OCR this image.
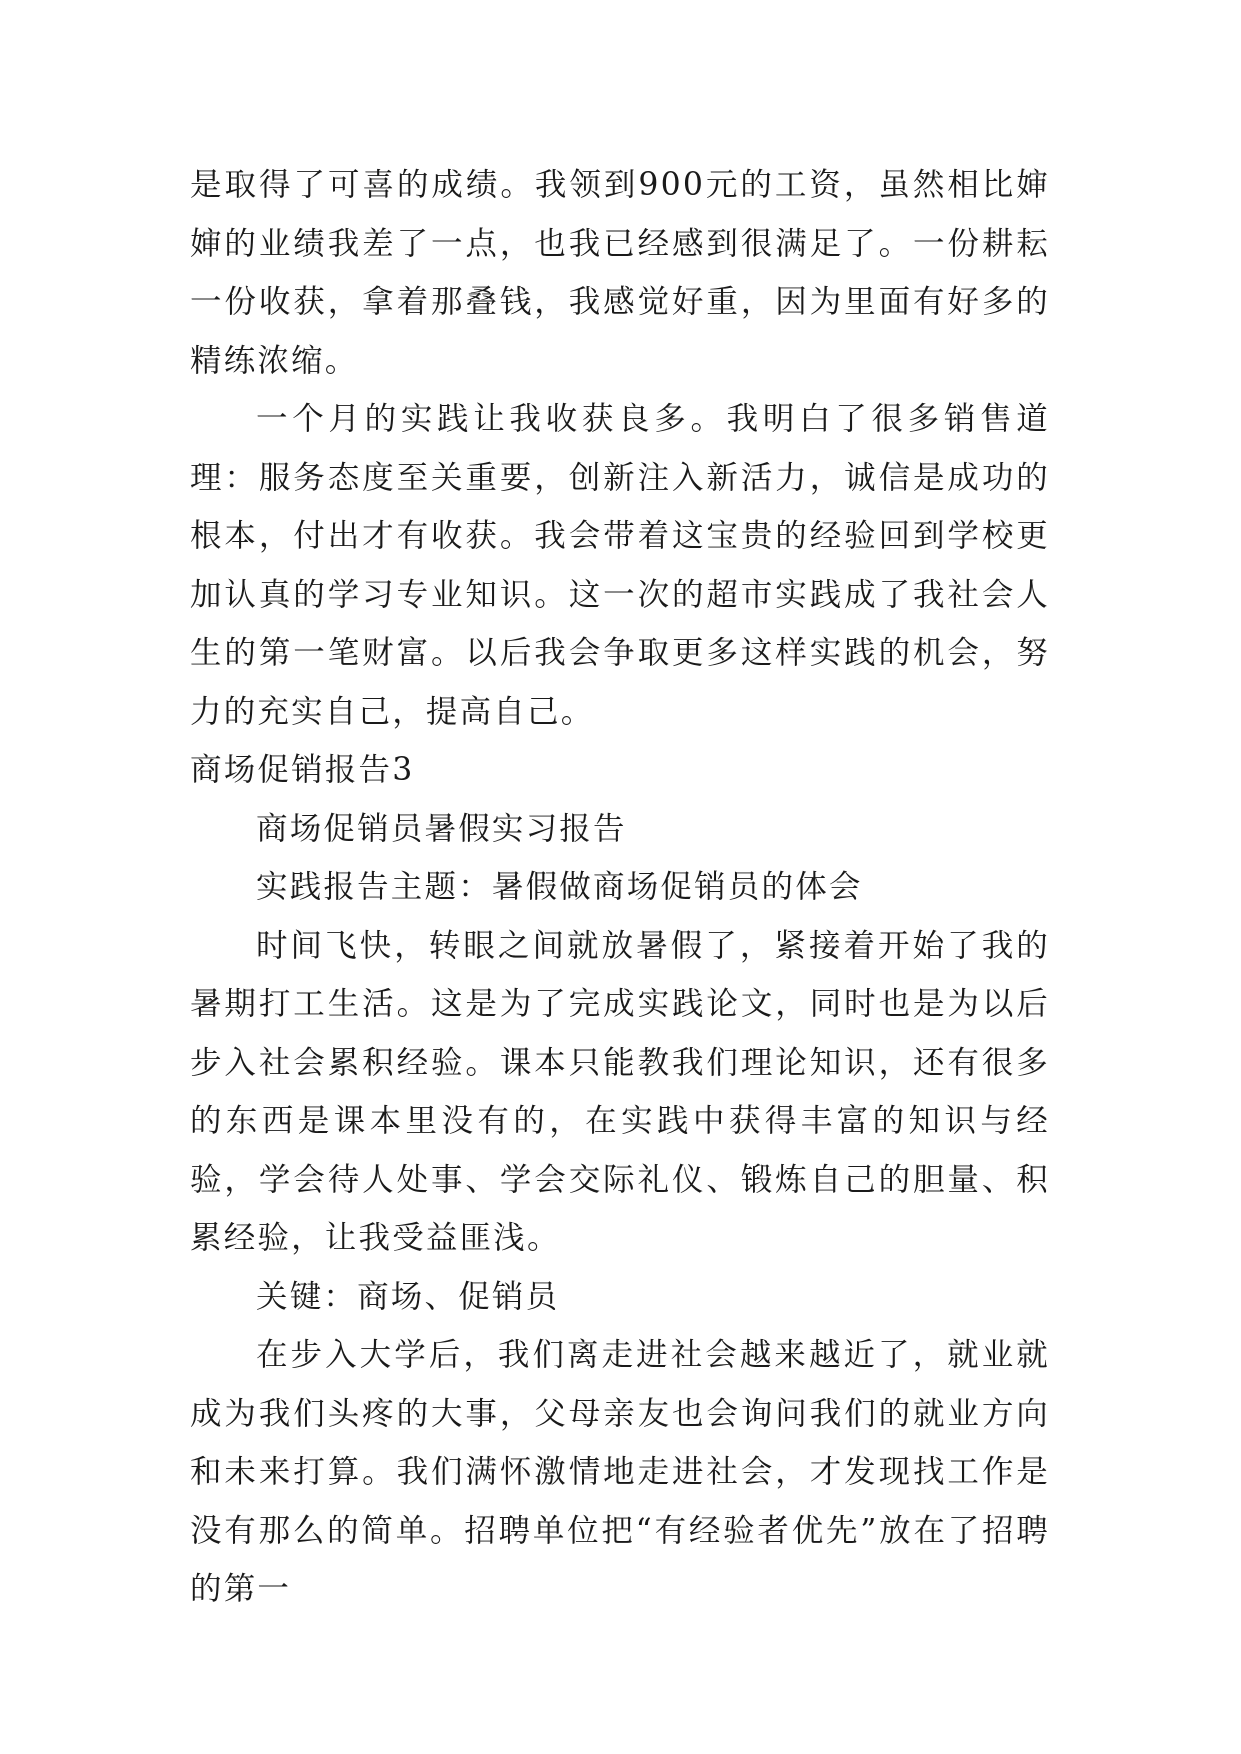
是取得了可喜的成绩。我领到900元的工资，虽然相比婶婶的业绩我差了一点，也我已经感到很满足了。一份耕耘一份收获，拿着那叠钱，我感觉好重，因为里面有好多的精练浓缩。

一个月的实践让我收获良多。我明白了很多销售道理：服务态度至关重要，创新注入新活力，诚信是成功的根本，付出才有收获。我会带着这宝贵的经验回到学校更加认真的学习专业知识。这一次的超市实践成了我社会人生的第一笔财富。以后我会争取更多这样实践的机会，努力的充实自己，提高自己。

商场促销报告3

商场促销员暑假实习报告

实践报告主题：暑假做商场促销员的体会

时间飞快，转眼之间就放暑假了，紧接着开始了我的暑期打工生活。这是为了完成实践论文，同时也是为以后步入社会累积经验。课本只能教我们理论知识，还有很多的东西是课本里没有的，在实践中获得丰富的知识与经验，学会待人处事、学会交际礼仪、锻炼自己的胆量、积累经验，让我受益匪浅。

关键：商场、促销员

在步入大学后，我们离走进社会越来越近了，就业就成为我们头疼的大事，父母亲友也会询问我们的就业方向和未来打算。我们满怀激情地走进社会，才发现找工作是没有那么的简单。招聘单位把“有经验者优先”放在了招聘的第一
